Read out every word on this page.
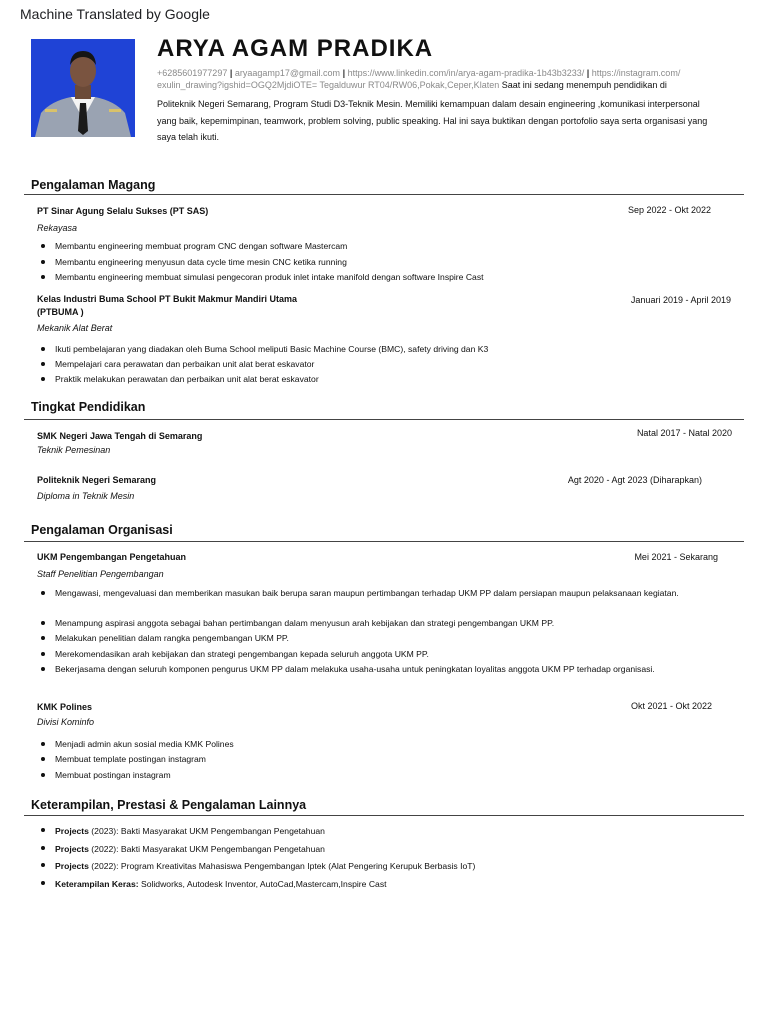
Machine Translated by Google
ARYA AGAM PRADIKA
+6285601977297 | aryaagamp17@gmail.com | https://www.linkedin.com/in/arya-agam-pradika-1b43b3233/ | https://instagram.com/
exulin_drawing?igshid=OGQ2MjdiOTE= Tegalduwur RT04/RW06,Pokak,Ceper,Klaten Saat ini sedang menempuh pendidikan di
Politeknik Negeri Semarang, Program Studi D3-Teknik Mesin. Memiliki kemampuan dalam desain engineering ,komunikasi interpersonal
yang baik, kepemimpinan, teamwork, problem solving, public speaking. Hal ini saya buktikan dengan portofolio saya serta organisasi yang
saya telah ikuti.
Pengalaman Magang
PT Sinar Agung Selalu Sukses (PT SAS)	Sep 2022 - Okt 2022
Rekayasa
Membantu engineering membuat program CNC dengan software Mastercam
Membantu engineering menyusun data cycle time mesin CNC ketika running
Membantu engineering membuat simulasi pengecoran produk inlet intake manifold dengan software Inspire Cast
Kelas Industri Buma School PT Bukit Makmur Mandiri Utama
(PTBUMA )
Januari 2019 - April 2019
Mekanik Alat Berat
Ikuti pembelajaran yang diadakan oleh Buma School meliputi Basic Machine Course (BMC), safety driving dan K3
Mempelajari cara perawatan dan perbaikan unit alat berat eskavator
Praktik melakukan perawatan dan perbaikan unit alat berat eskavator
Tingkat Pendidikan
SMK Negeri Jawa Tengah di Semarang	Natal 2017 - Natal 2020
Teknik Pemesinan
Politeknik Negeri Semarang	Agt 2020 - Agt 2023 (Diharapkan)
Diploma in Teknik Mesin
Pengalaman Organisasi
UKM Pengembangan Pengetahuan	Mei 2021 - Sekarang
Staff Penelitian Pengembangan
Mengawasi, mengevaluasi dan memberikan masukan baik berupa saran maupun pertimbangan terhadap UKM PP dalam persiapan maupun pelaksanaan kegiatan.
Menampung aspirasi anggota sebagai bahan pertimbangan dalam menyusun arah kebijakan dan strategi pengembangan UKM PP.
Melakukan penelitian dalam rangka pengembangan UKM PP.
Merekomendasikan arah kebijakan dan strategi pengembangan kepada seluruh anggota UKM PP.
Bekerjasama dengan seluruh komponen pengurus UKM PP dalam melakuka usaha-usaha untuk peningkatan loyalitas anggota UKM PP terhadap organisasi.
KMK Polines	Okt 2021 - Okt 2022
Divisi Kominfo
Menjadi admin akun sosial media KMK Polines
Membuat template postingan instagram
Membuat postingan instagram
Keterampilan, Prestasi & Pengalaman Lainnya
Projects (2023): Bakti Masyarakat UKM Pengembangan Pengetahuan
Projects (2022): Bakti Masyarakat UKM Pengembangan Pengetahuan
Projects (2022): Program Kreativitas Mahasiswa Pengembangan Iptek (Alat Pengering Kerupuk Berbasis IoT)
Keterampilan Keras: Solidworks, Autodesk Inventor, AutoCad,Mastercam,Inspire Cast
